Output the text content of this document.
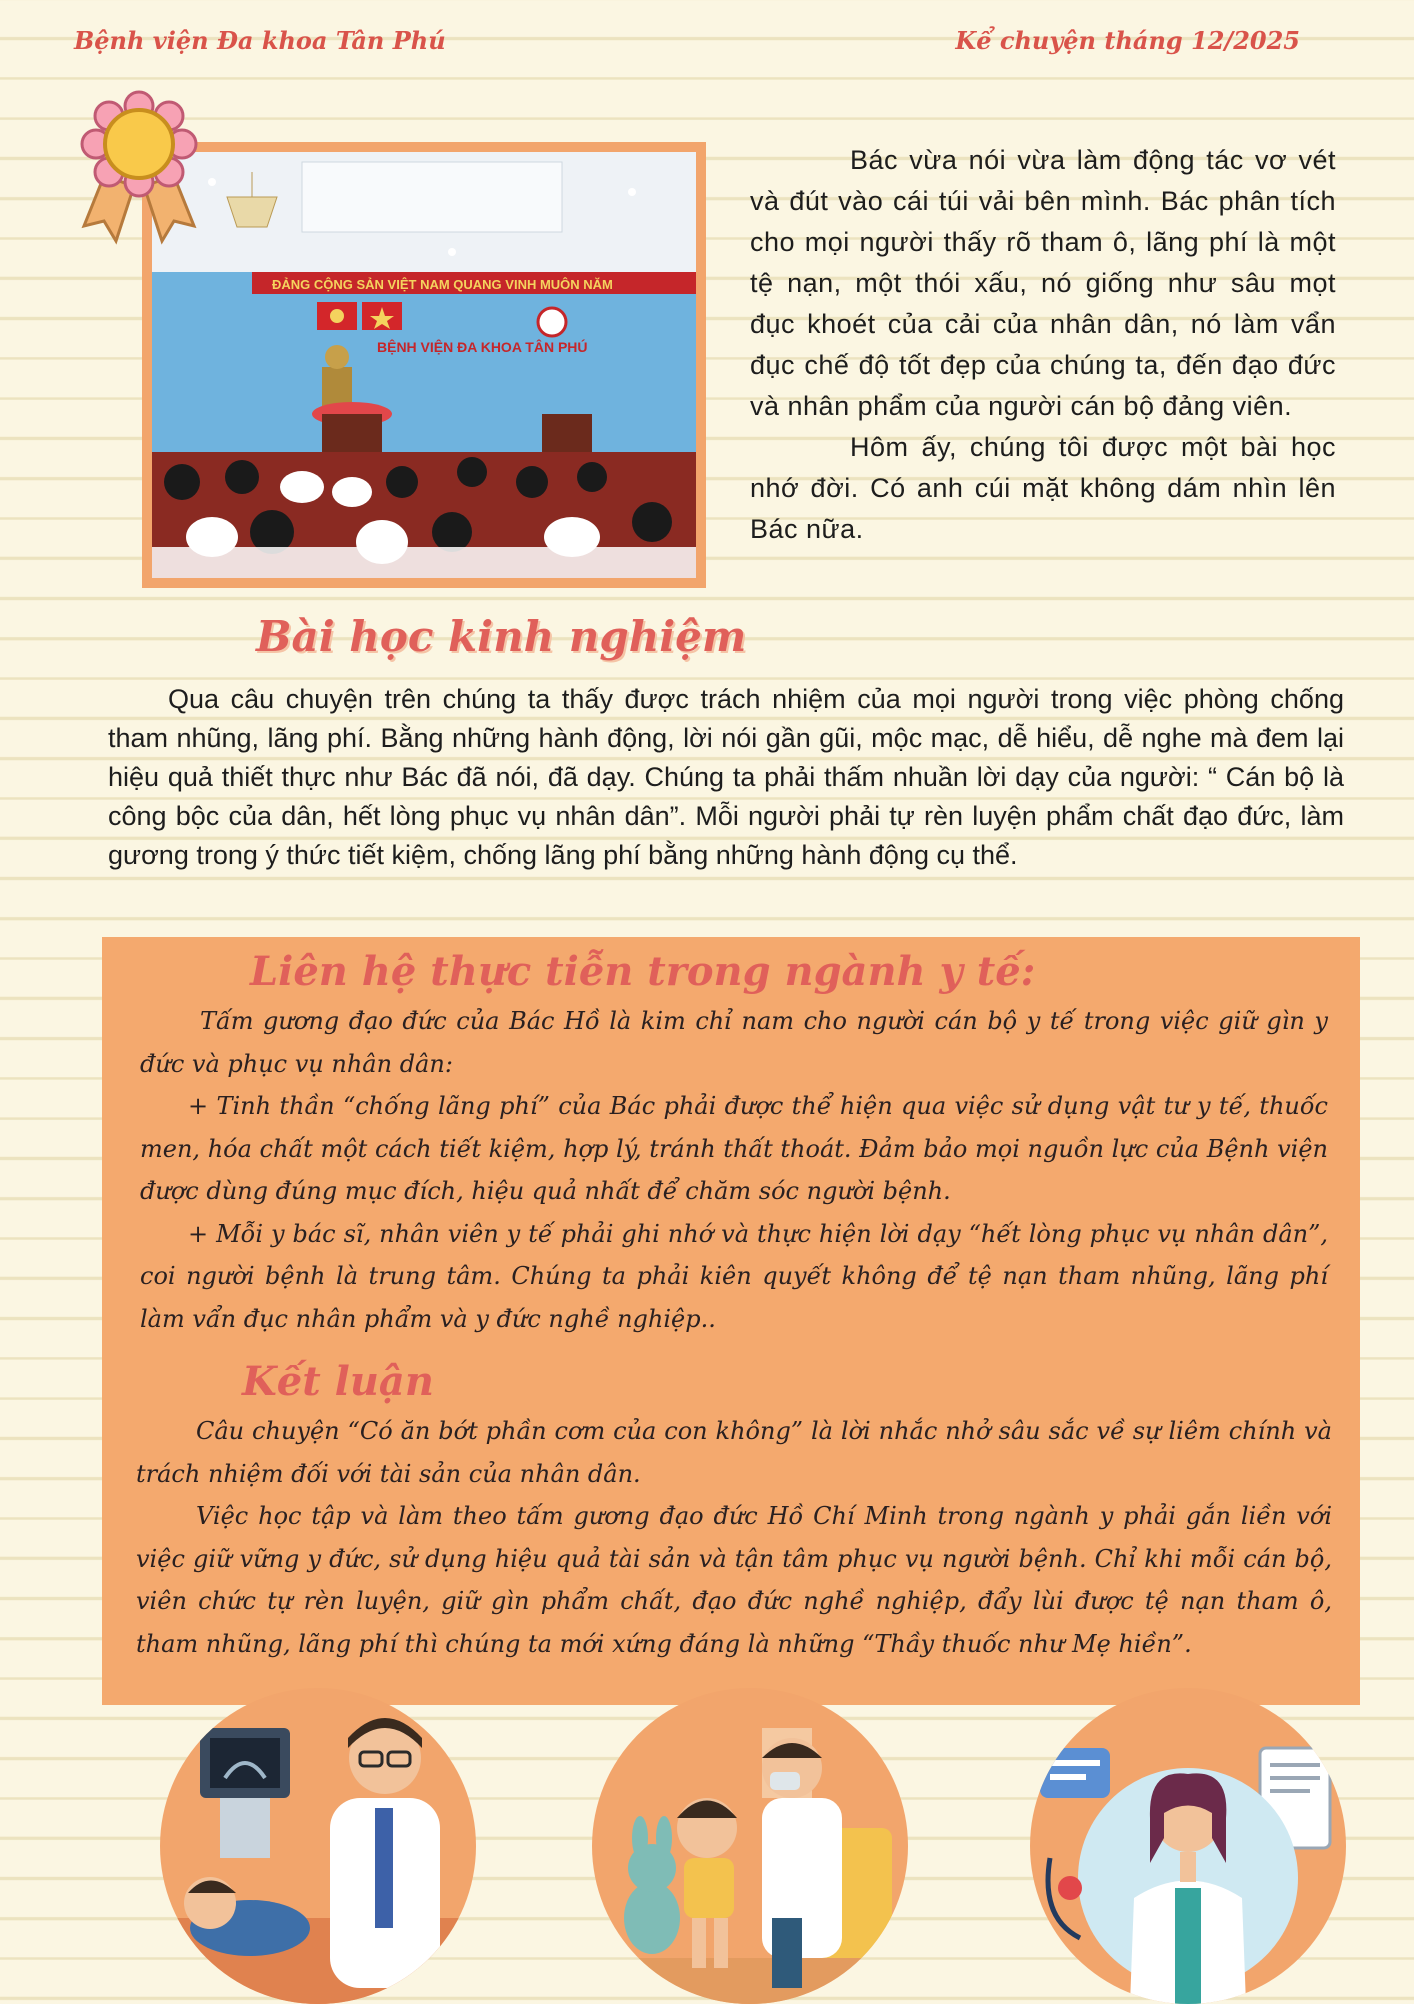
Bệnh viện Đa khoa Tân Phú	Kể chuyện tháng 12/2025
ĐẢNG CỘNG SẢN VIỆT NAM QUANG VINH MUÔN NĂM
BỆNH VIỆN ĐA KHOA TÂN PHÚ

Bác vừa nói vừa làm động tác vơ vét và đút vào cái túi vải bên mình. Bác phân tích cho mọi người thấy rõ tham ô, lãng phí là một tệ nạn, một thói xấu, nó giống như sâu mọt đục khoét của cải của nhân dân, nó làm vẩn đục chế độ tốt đẹp của chúng ta, đến đạo đức và nhân phẩm của người cán bộ đảng viên.

Hôm ấy, chúng tôi được một bài học nhớ đời. Có anh cúi mặt không dám nhìn lên Bác nữa.

Bài học kinh nghiệm

Qua câu chuyện trên chúng ta thấy được trách nhiệm của mọi người trong việc phòng chống tham nhũng, lãng phí. Bằng những hành động, lời nói gần gũi, mộc mạc, dễ hiểu, dễ nghe mà đem lại hiệu quả thiết thực như Bác đã nói, đã dạy. Chúng ta phải thấm nhuần lời dạy của người: “ Cán bộ là công bộc của dân, hết lòng phục vụ nhân dân”. Mỗi người phải tự rèn luyện phẩm chất đạo đức, làm gương trong ý thức tiết kiệm, chống lãng phí bằng những hành động cụ thể.

Liên hệ thực tiễn trong ngành y tế:

Tấm gương đạo đức của Bác Hồ là kim chỉ nam cho người cán bộ y tế trong việc giữ gìn y đức và phục vụ nhân dân:

+ Tinh thần “chống lãng phí” của Bác phải được thể hiện qua việc sử dụng vật tư y tế, thuốc men, hóa chất một cách tiết kiệm, hợp lý, tránh thất thoát. Đảm bảo mọi nguồn lực của Bệnh viện được dùng đúng mục đích, hiệu quả nhất để chăm sóc người bệnh.

+ Mỗi y bác sĩ, nhân viên y tế phải ghi nhớ và thực hiện lời dạy “hết lòng phục vụ nhân dân”, coi người bệnh là trung tâm. Chúng ta phải kiên quyết không để tệ nạn tham nhũng, lãng phí làm vẩn đục nhân phẩm và y đức nghề nghiệp..

Kết luận

Câu chuyện “Có ăn bớt phần cơm của con không” là lời nhắc nhở sâu sắc về sự liêm chính và trách nhiệm đối với tài sản của nhân dân.

Việc học tập và làm theo tấm gương đạo đức Hồ Chí Minh trong ngành y phải gắn liền với việc giữ vững y đức, sử dụng hiệu quả tài sản và tận tâm phục vụ người bệnh. Chỉ khi mỗi cán bộ, viên chức tự rèn luyện, giữ gìn phẩm chất, đạo đức nghề nghiệp, đẩy lùi được tệ nạn tham ô, tham nhũng, lãng phí thì chúng ta mới xứng đáng là những “Thầy thuốc như Mẹ hiền”.
